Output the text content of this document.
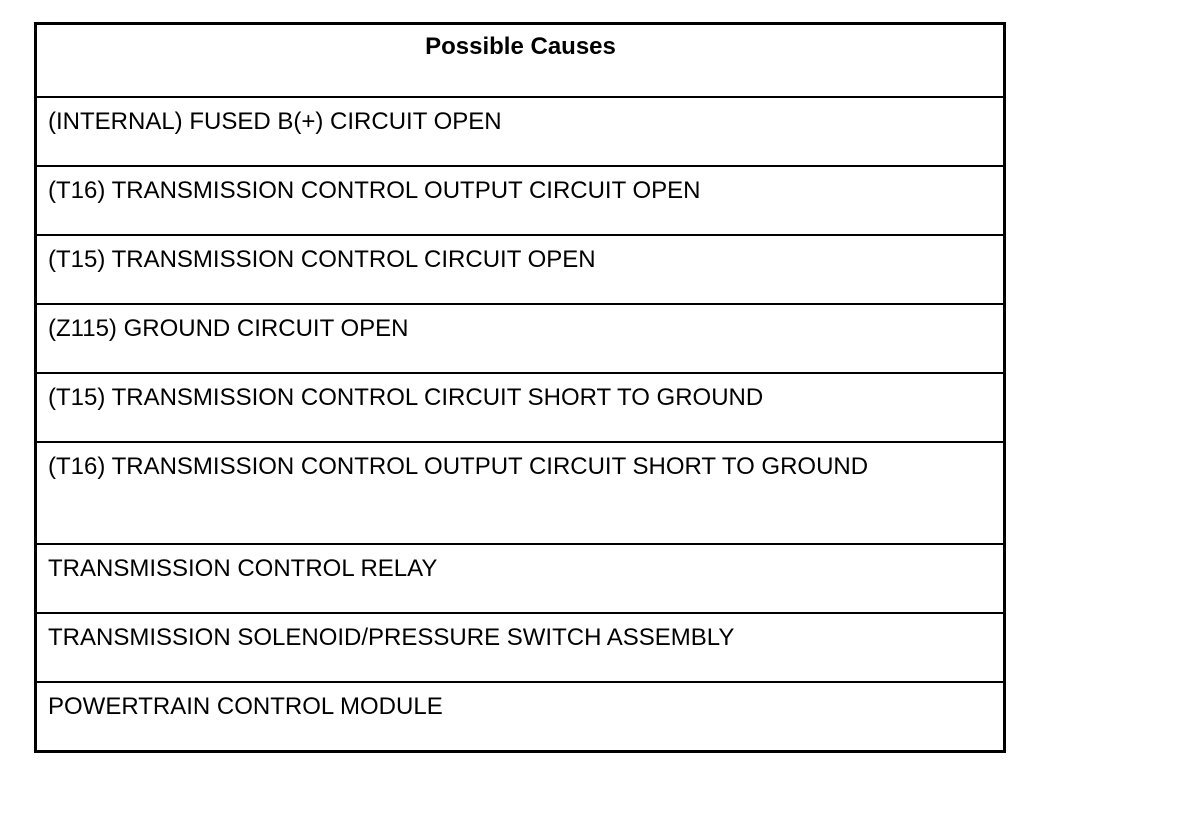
Possible Causes
(INTERNAL) FUSED B(+) CIRCUIT OPEN
(T16) TRANSMISSION CONTROL OUTPUT CIRCUIT OPEN
(T15) TRANSMISSION CONTROL CIRCUIT OPEN
(Z115) GROUND CIRCUIT OPEN
(T15) TRANSMISSION CONTROL CIRCUIT SHORT TO GROUND
(T16) TRANSMISSION CONTROL OUTPUT CIRCUIT SHORT TO GROUND
TRANSMISSION CONTROL RELAY
TRANSMISSION SOLENOID/PRESSURE SWITCH ASSEMBLY
POWERTRAIN CONTROL MODULE
